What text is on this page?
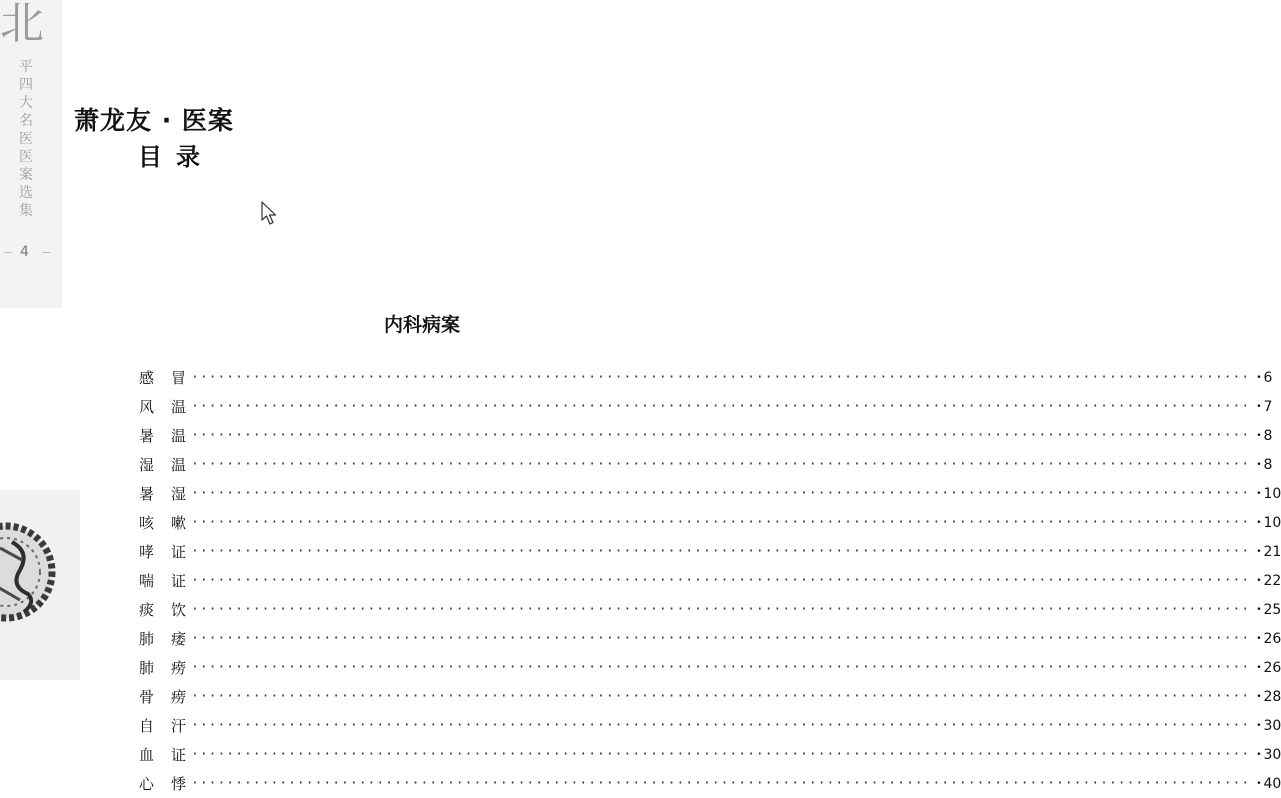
北
平四大名医医案选集
4
萧龙友 · 医案
目录
内科病案
感冒
························································································································ • 6
风温
························································································································ • 7
暑温
························································································································ • 8
湿温
························································································································ • 8
暑湿
························································································································ • 10
咳嗽
························································································································ • 10
哮证
························································································································ • 21
喘证
························································································································ • 22
痰饮
························································································································ • 25
肺痿
························································································································ • 26
肺痨
························································································································ • 26
骨痨
························································································································ • 28
自汗
························································································································ • 30
血证
························································································································ • 30
心悸
························································································································ • 40
